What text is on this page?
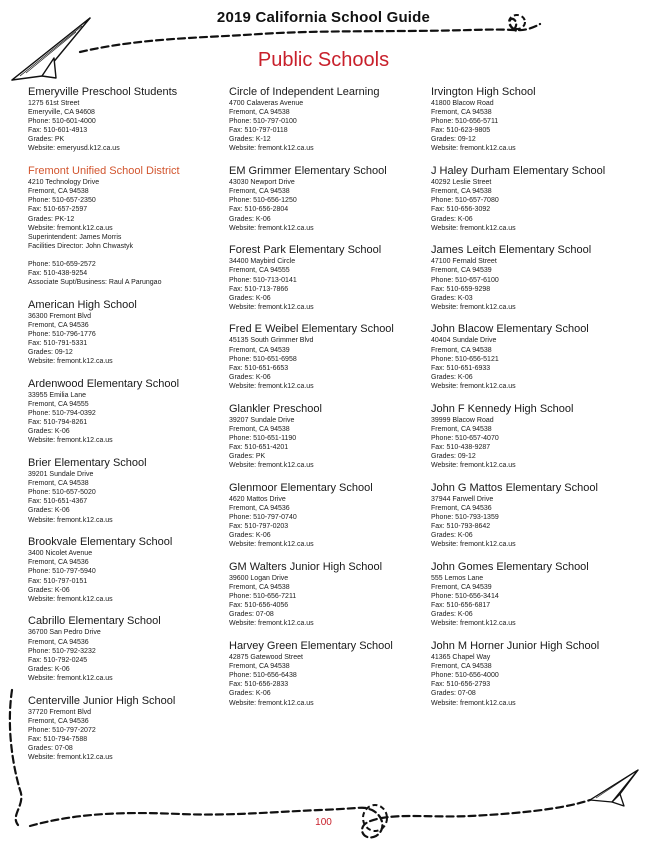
2019 California School Guide
Public Schools
Emeryville Preschool Students
1275 61st Street
Emeryville, CA 94608
Phone: 510-601-4000
Fax: 510-601-4913
Grades: PK
Website: emeryusd.k12.ca.us
Fremont Unified School District
4210 Technology Drive
Fremont, CA 94538
Phone: 510-657-2350
Fax: 510-657-2597
Grades: PK-12
Website: fremont.k12.ca.us
Superintendent: James Morris
Facilities Director: John Chwastyk
Phone: 510-659-2572
Fax: 510-438-9254
Associate Supt/Business: Raul A Parungao
American High School
36300 Fremont Blvd
Fremont, CA 94536
Phone: 510-796-1776
Fax: 510-791-5331
Grades: 09-12
Website: fremont.k12.ca.us
Ardenwood Elementary School
33955 Emilia Lane
Fremont, CA 94555
Phone: 510-794-0392
Fax: 510-794-8261
Grades: K-06
Website: fremont.k12.ca.us
Brier Elementary School
39201 Sundale Drive
Fremont, CA 94538
Phone: 510-657-5020
Fax: 510-651-4367
Grades: K-06
Website: fremont.k12.ca.us
Brookvale Elementary School
3400 Nicolet Avenue
Fremont, CA 94536
Phone: 510-797-5940
Fax: 510-797-0151
Grades: K-06
Website: fremont.k12.ca.us
Cabrillo Elementary School
36700 San Pedro Drive
Fremont, CA 94536
Phone: 510-792-3232
Fax: 510-792-0245
Grades: K-06
Website: fremont.k12.ca.us
Centerville Junior High School
37720 Fremont Blvd
Fremont, CA 94536
Phone: 510-797-2072
Fax: 510-794-7588
Grades: 07-08
Website: fremont.k12.ca.us
Circle of Independent Learning
4700 Calaveras Avenue
Fremont, CA 94538
Phone: 510-797-0100
Fax: 510-797-0118
Grades: K-12
Website: fremont.k12.ca.us
EM Grimmer Elementary School
43030 Newport Drive
Fremont, CA 94538
Phone: 510-656-1250
Fax: 510-656-2804
Grades: K-06
Website: fremont.k12.ca.us
Forest Park Elementary School
34400 Maybird Circle
Fremont, CA 94555
Phone: 510-713-0141
Fax: 510-713-7866
Grades: K-06
Website: fremont.k12.ca.us
Fred E Weibel Elementary School
45135 South Grimmer Blvd
Fremont, CA 94539
Phone: 510-651-6958
Fax: 510-651-6653
Grades: K-06
Website: fremont.k12.ca.us
Glankler Preschool
39207 Sundale Drive
Fremont, CA 94538
Phone: 510-651-1190
Fax: 510-651-4201
Grades: PK
Website: fremont.k12.ca.us
Glenmoor Elementary School
4620 Mattos Drive
Fremont, CA 94536
Phone: 510-797-0740
Fax: 510-797-0203
Grades: K-06
Website: fremont.k12.ca.us
GM Walters Junior High School
39600 Logan Drive
Fremont, CA 94538
Phone: 510-656-7211
Fax: 510-656-4056
Grades: 07-08
Website: fremont.k12.ca.us
Harvey Green Elementary School
42875 Gatewood Street
Fremont, CA 94538
Phone: 510-656-6438
Fax: 510-656-2833
Grades: K-06
Website: fremont.k12.ca.us
Irvington High School
41800 Blacow Road
Fremont, CA 94538
Phone: 510-656-5711
Fax: 510-623-9805
Grades: 09-12
Website: fremont.k12.ca.us
J Haley Durham Elementary School
40292 Leslie Street
Fremont, CA 94538
Phone: 510-657-7080
Fax: 510-656-3092
Grades: K-06
Website: fremont.k12.ca.us
James Leitch Elementary School
47100 Fernald Street
Fremont, CA 94539
Phone: 510-657-6100
Fax: 510-659-9298
Grades: K-03
Website: fremont.k12.ca.us
John Blacow Elementary School
40404 Sundale Drive
Fremont, CA 94538
Phone: 510-656-5121
Fax: 510-651-6933
Grades: K-06
Website: fremont.k12.ca.us
John F Kennedy High School
39999 Blacow Road
Fremont, CA 94538
Phone: 510-657-4070
Fax: 510-438-9287
Grades: 09-12
Website: fremont.k12.ca.us
John G Mattos Elementary School
37944 Farwell Drive
Fremont, CA 94536
Phone: 510-793-1359
Fax: 510-793-8642
Grades: K-06
Website: fremont.k12.ca.us
John Gomes Elementary School
555 Lemos Lane
Fremont, CA 94539
Phone: 510-656-3414
Fax: 510-656-6817
Grades: K-06
Website: fremont.k12.ca.us
John M Horner Junior High School
41365 Chapel Way
Fremont, CA 94538
Phone: 510-656-4000
Fax: 510-656-2793
Grades: 07-08
Website: fremont.k12.ca.us
100
